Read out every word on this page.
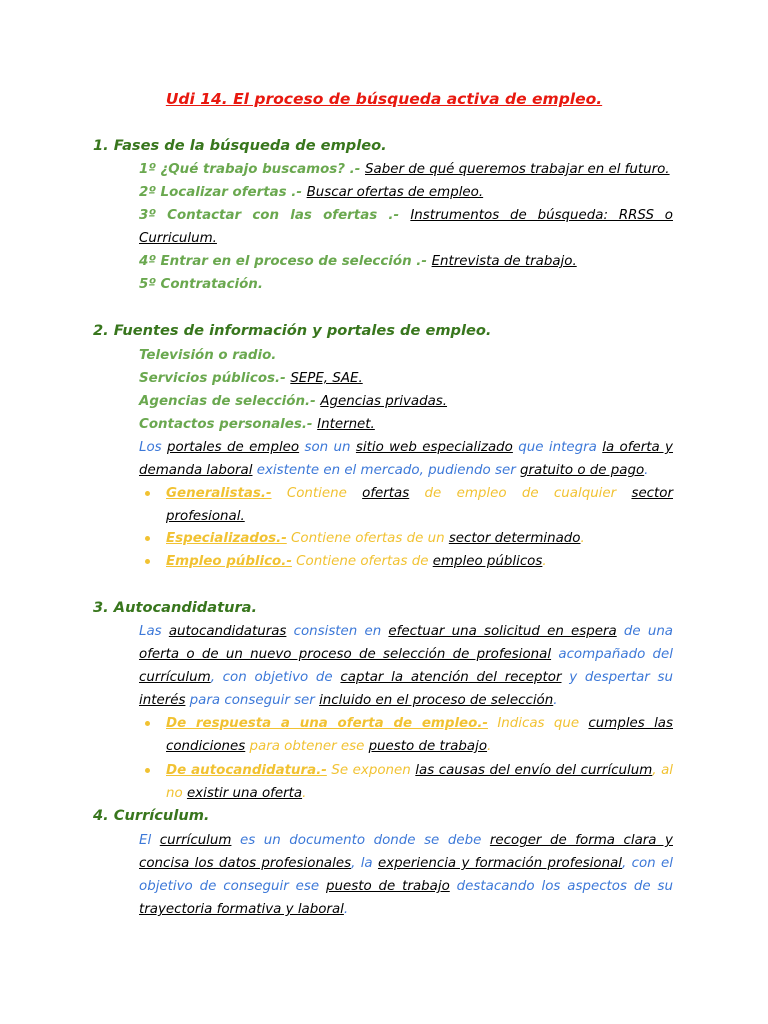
Udi 14. El proceso de búsqueda activa de empleo.
1. Fases de la búsqueda de empleo.
1º ¿Qué trabajo buscamos? .- Saber de qué queremos trabajar en el futuro.
2º Localizar ofertas .- Buscar ofertas de empleo.
3º Contactar con las ofertas .- Instrumentos de búsqueda: RRSS o
Curriculum.
4º Entrar en el proceso de selección .- Entrevista de trabajo.
5º Contratación.
2. Fuentes de información y portales de empleo.
Televisión o radio.
Servicios públicos.- SEPE, SAE.
Agencias de selección.- Agencias privadas.
Contactos personales.- Internet.
Los portales de empleo son un sitio web especializado que integra la oferta y
demanda laboral existente en el mercado, pudiendo ser gratuito o de pago.
Generalistas.- Contiene ofertas de empleo de cualquier sector
profesional.
Especializados.- Contiene ofertas de un sector determinado.
Empleo público.- Contiene ofertas de empleo públicos.
3. Autocandidatura.
Las autocandidaturas consisten en efectuar una solicitud en espera de una
oferta o de un nuevo proceso de selección de profesional acompañado del
currículum, con objetivo de captar la atención del receptor y despertar su
interés para conseguir ser incluido en el proceso de selección.
De respuesta a una oferta de empleo.- Indicas que cumples las
condiciones para obtener ese puesto de trabajo.
De autocandidatura.- Se exponen las causas del envío del currículum, al
no existir una oferta.
4. Currículum.
El currículum es un documento donde se debe recoger de forma clara y
concisa los datos profesionales, la experiencia y formación profesional, con el
objetivo de conseguir ese puesto de trabajo destacando los aspectos de su
trayectoria formativa y laboral.
